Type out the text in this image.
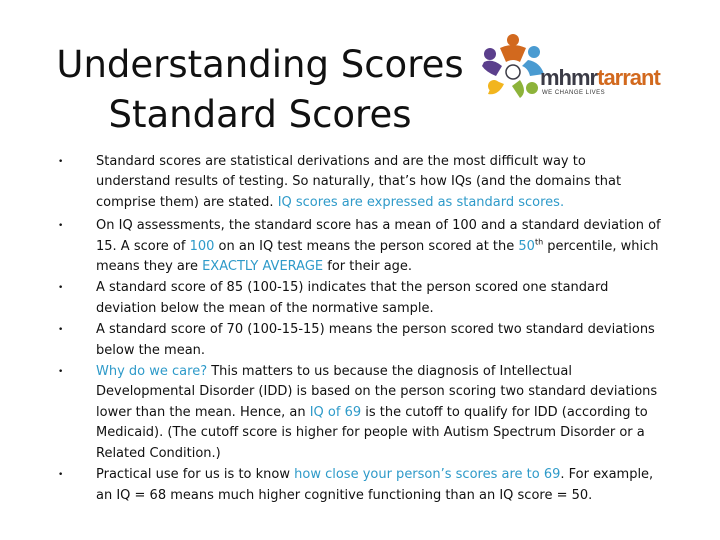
Understanding Scores
Standard Scores
mhmrtarrant
WE CHANGE LIVES
•	Standard scores are statistical derivations and are the most difficult way to understand results of testing. So naturally, that’s how IQs (and the domains that comprise them) are stated. IQ scores are expressed as standard scores.
•	On IQ assessments, the standard score has a mean of 100 and a standard deviation of 15. A score of 100 on an IQ test means the person scored at the 50th percentile, which means they are EXACTLY AVERAGE for their age.
•	A standard score of 85 (100-15) indicates that the person scored one standard deviation below the mean of the normative sample.
•	A standard score of 70 (100-15-15) means the person scored two standard deviations below the mean.
•	Why do we care? This matters to us because the diagnosis of Intellectual Developmental Disorder (IDD) is based on the person scoring two standard deviations lower than the mean. Hence, an IQ of 69 is the cutoff to qualify for IDD (according to Medicaid). (The cutoff score is higher for people with Autism Spectrum Disorder or a Related Condition.)
•	Practical use for us is to know how close your person’s scores are to 69. For example, an IQ = 68 means much higher cognitive functioning than an IQ score = 50.
